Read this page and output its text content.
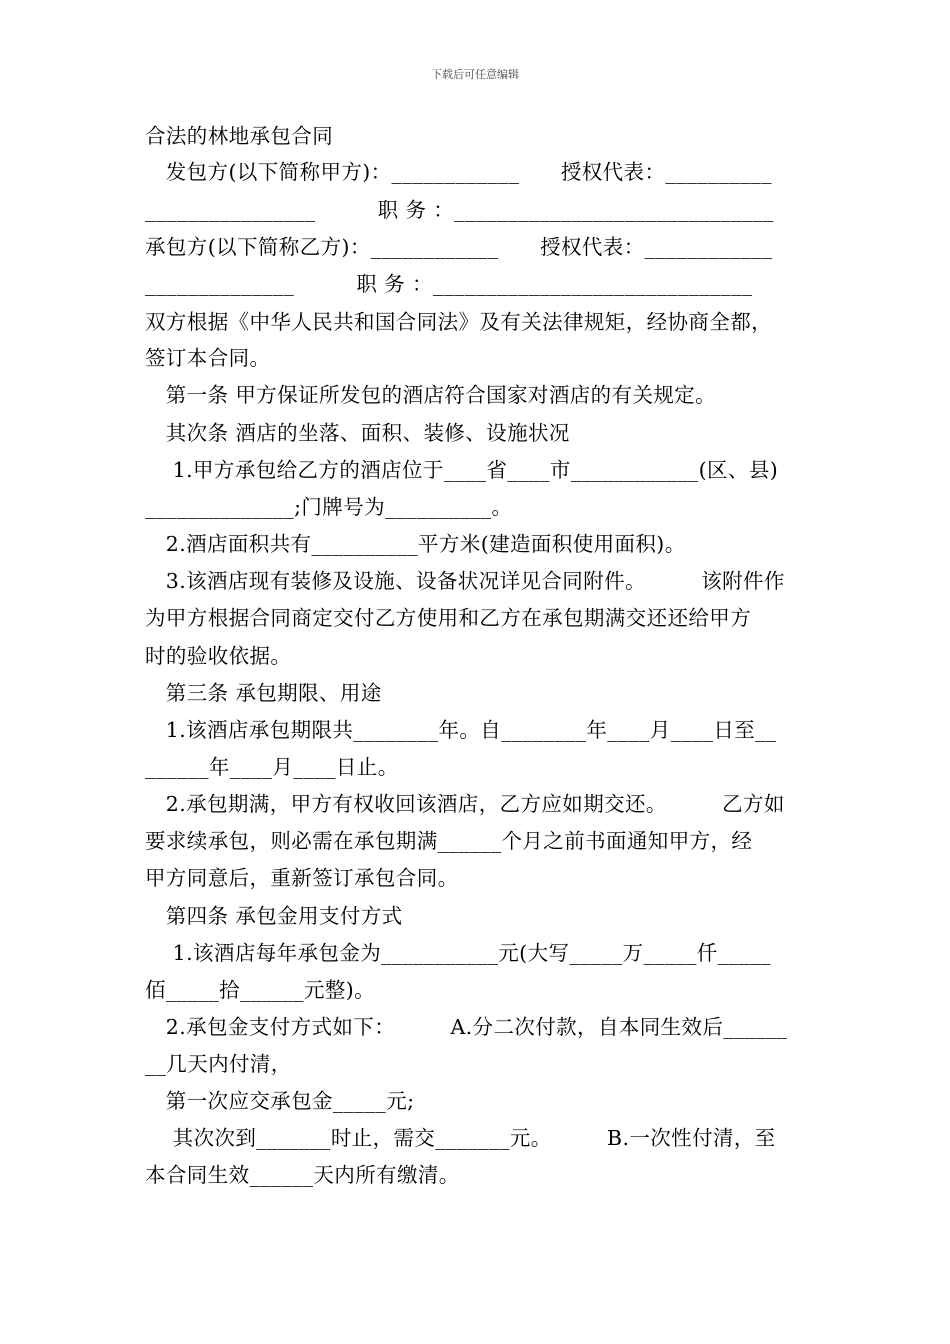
下载后可任意编辑
合法的林地承包合同
发包方(以下简称甲方)：____________      授权代表：__________
________________         职 务 ：______________________________
承包方(以下简称乙方)：____________      授权代表：____________
______________         职 务 ：______________________________
双方根据《中华人民共和国合同法》及有关法律规矩，经协商全都，
签订本合同。
第一条 甲方保证所发包的酒店符合国家对酒店的有关规定。
其次条 酒店的坐落、面积、装修、设施状况
1.甲方承包给乙方的酒店位于____省____市____________(区、县)
______________;门牌号为__________。
2.酒店面积共有__________平方米(建造面积使用面积)。
3.该酒店现有装修及设施、设备状况详见合同附件。        该附件作
为甲方根据合同商定交付乙方使用和乙方在承包期满交还还给甲方
时的验收依据。
第三条 承包期限、用途
1.该酒店承包期限共________年。自________年____月____日至__
______年____月____日止。
2.承包期满，甲方有权收回该酒店，乙方应如期交还。        乙方如
要求续承包，则必需在承包期满______个月之前书面通知甲方，经
甲方同意后，重新签订承包合同。
第四条 承包金用支付方式
1.该酒店每年承包金为___________元(大写_____万_____仟_____
佰_____拾______元整)。
2.承包金支付方式如下：        A.分二次付款，自本同生效后______
__几天内付清，
第一次应交承包金_____元;
其次次到_______时止，需交_______元。        B.一次性付清，至
本合同生效______天内所有缴清。
